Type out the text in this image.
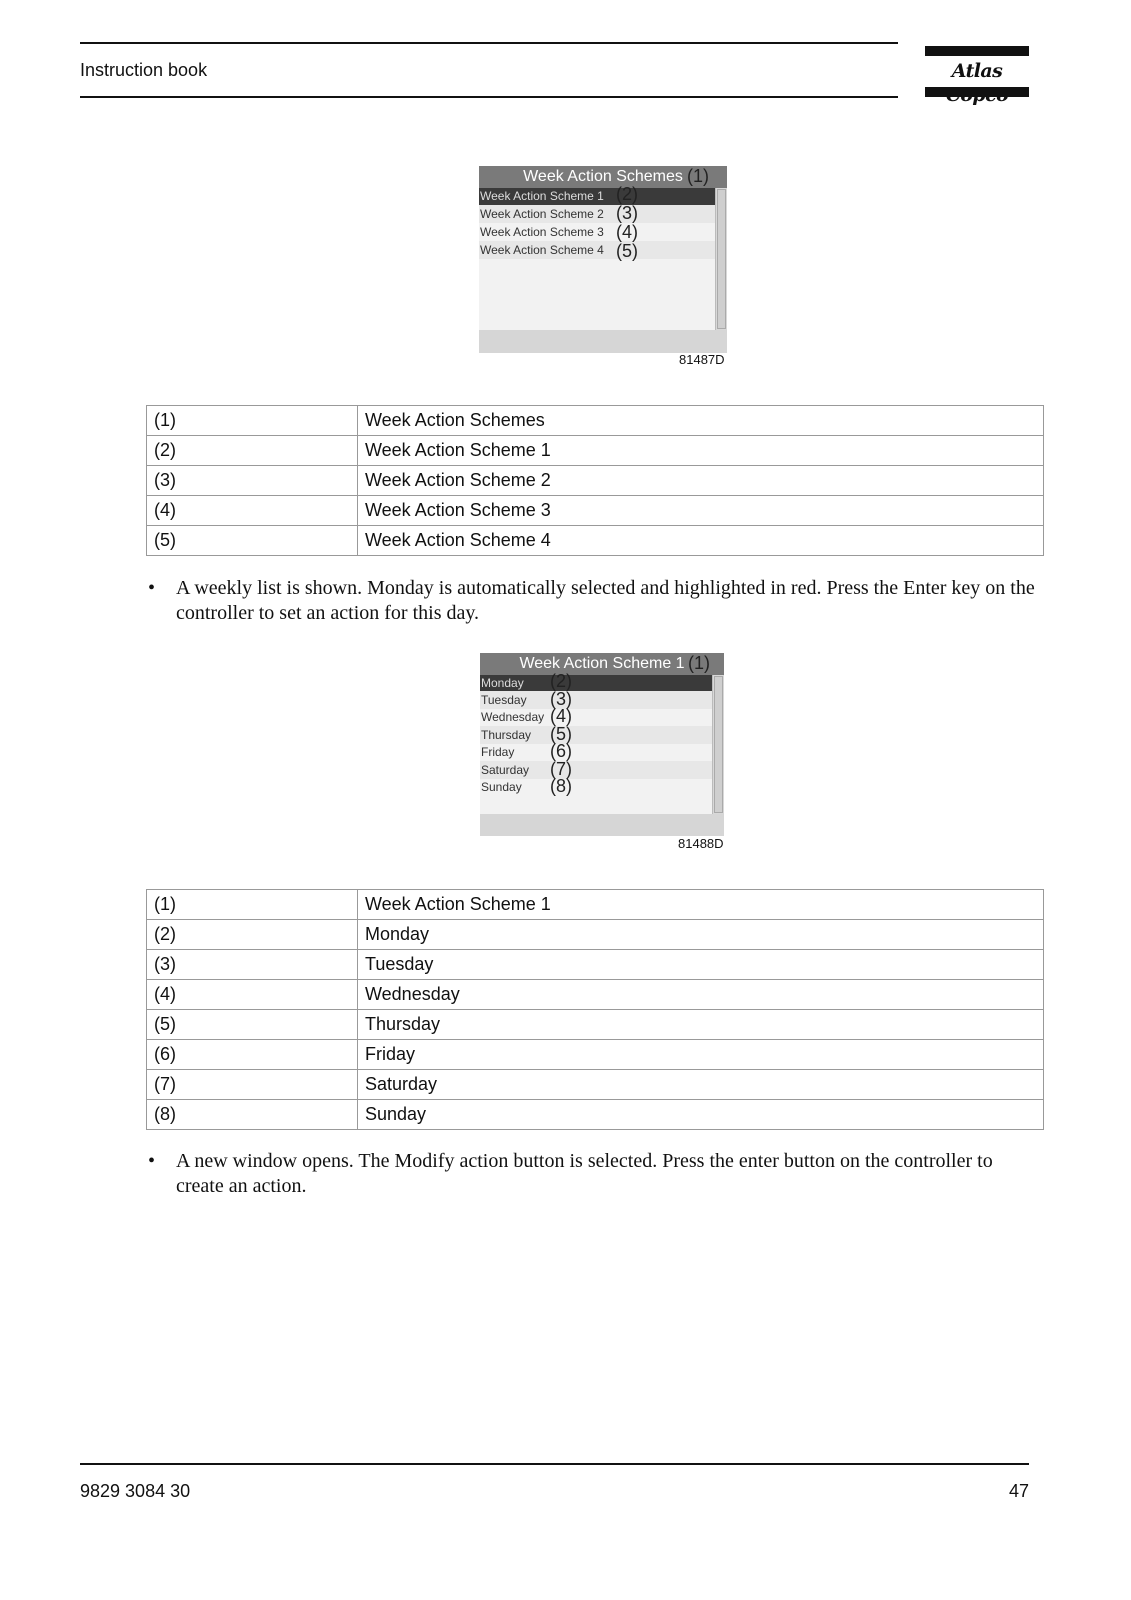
Instruction book	Atlas
Week Action Schemes
Week Action Scheme 1
Week Action Scheme 2
Week Action Scheme 3
Week Action Scheme 4
(1)
(2)
(3)
(4)
(5)
81487D
(1)	Week Action Schemes
(2)	Week Action Scheme 1
(3)	Week Action Scheme 2
(4)	Week Action Scheme 3
(5)	Week Action Scheme 4
• A weekly list is shown. Monday is automatically selected and highlighted in red. Press the Enter key on the controller to set an action for this day.
Week Action Scheme 1
Monday
Tuesday
Wednesday
Thursday
Friday
Saturday
Sunday
(1)
(2)
(3)
(4)
(5)
(6)
(7)
(8)
81488D
(1)	Week Action Scheme 1
(2)	Monday
(3)	Tuesday
(4)	Wednesday
(5)	Thursday
(6)	Friday
(7)	Saturday
(8)	Sunday
• A new window opens. The Modify action button is selected. Press the enter button on the controller to create an action.
9829 3084 30	47
